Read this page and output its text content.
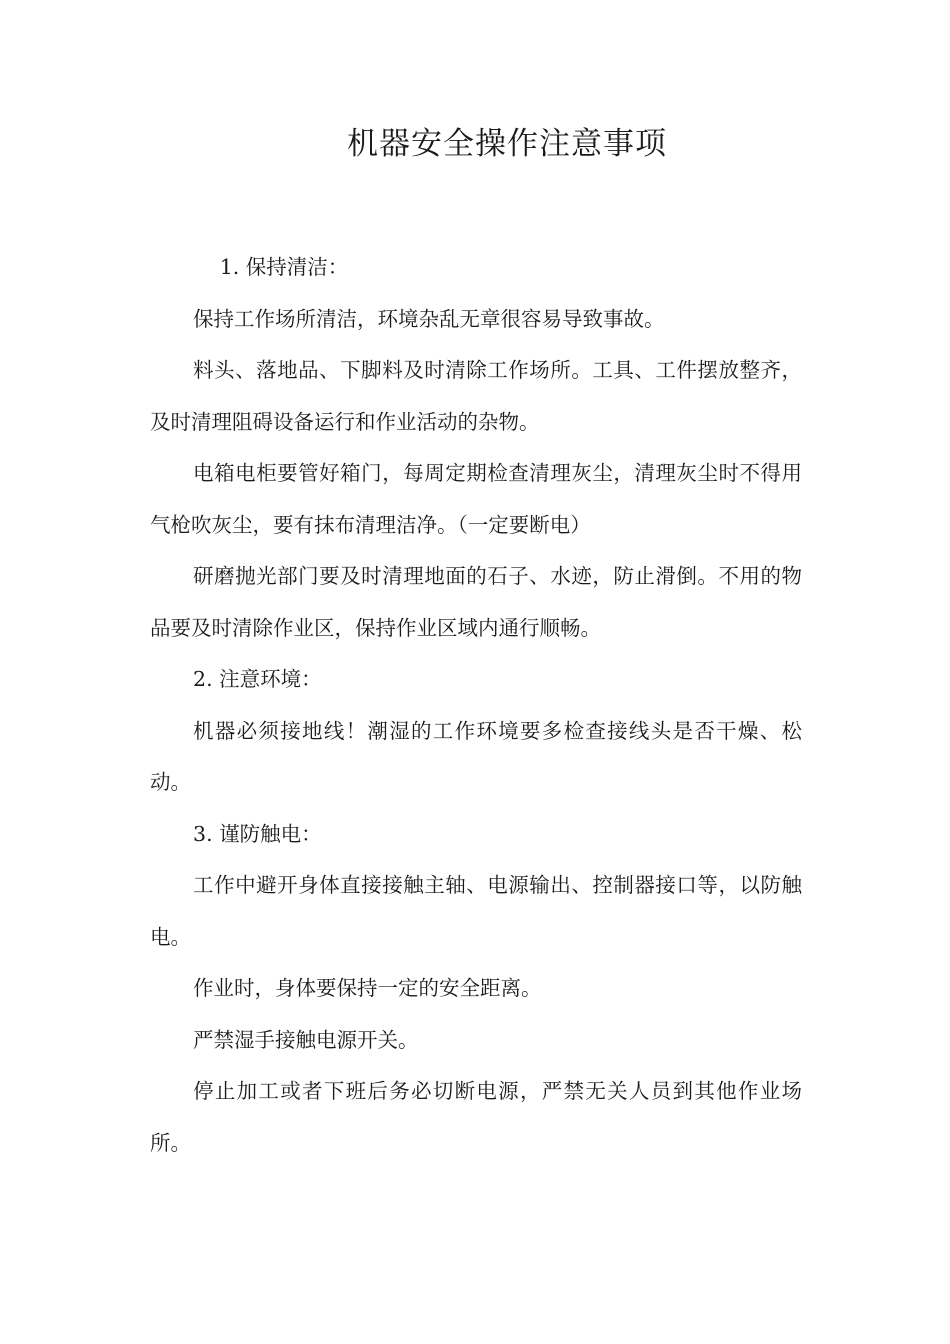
机器安全操作注意事项

1. 保持清洁：

保持工作场所清洁，环境杂乱无章很容易导致事故。

料头、落地品、下脚料及时清除工作场所。工具、工件摆放整齐，及时清理阻碍设备运行和作业活动的杂物。

电箱电柜要管好箱门，每周定期检查清理灰尘，清理灰尘时不得用气枪吹灰尘，要有抹布清理洁净。（一定要断电）

研磨抛光部门要及时清理地面的石子、水迹，防止滑倒。不用的物品要及时清除作业区，保持作业区域内通行顺畅。

2. 注意环境：

机器必须接地线！潮湿的工作环境要多检查接线头是否干燥、松动。

3. 谨防触电：

工作中避开身体直接接触主轴、电源输出、控制器接口等，以防触电。

作业时，身体要保持一定的安全距离。

严禁湿手接触电源开关。

停止加工或者下班后务必切断电源，严禁无关人员到其他作业场所。
